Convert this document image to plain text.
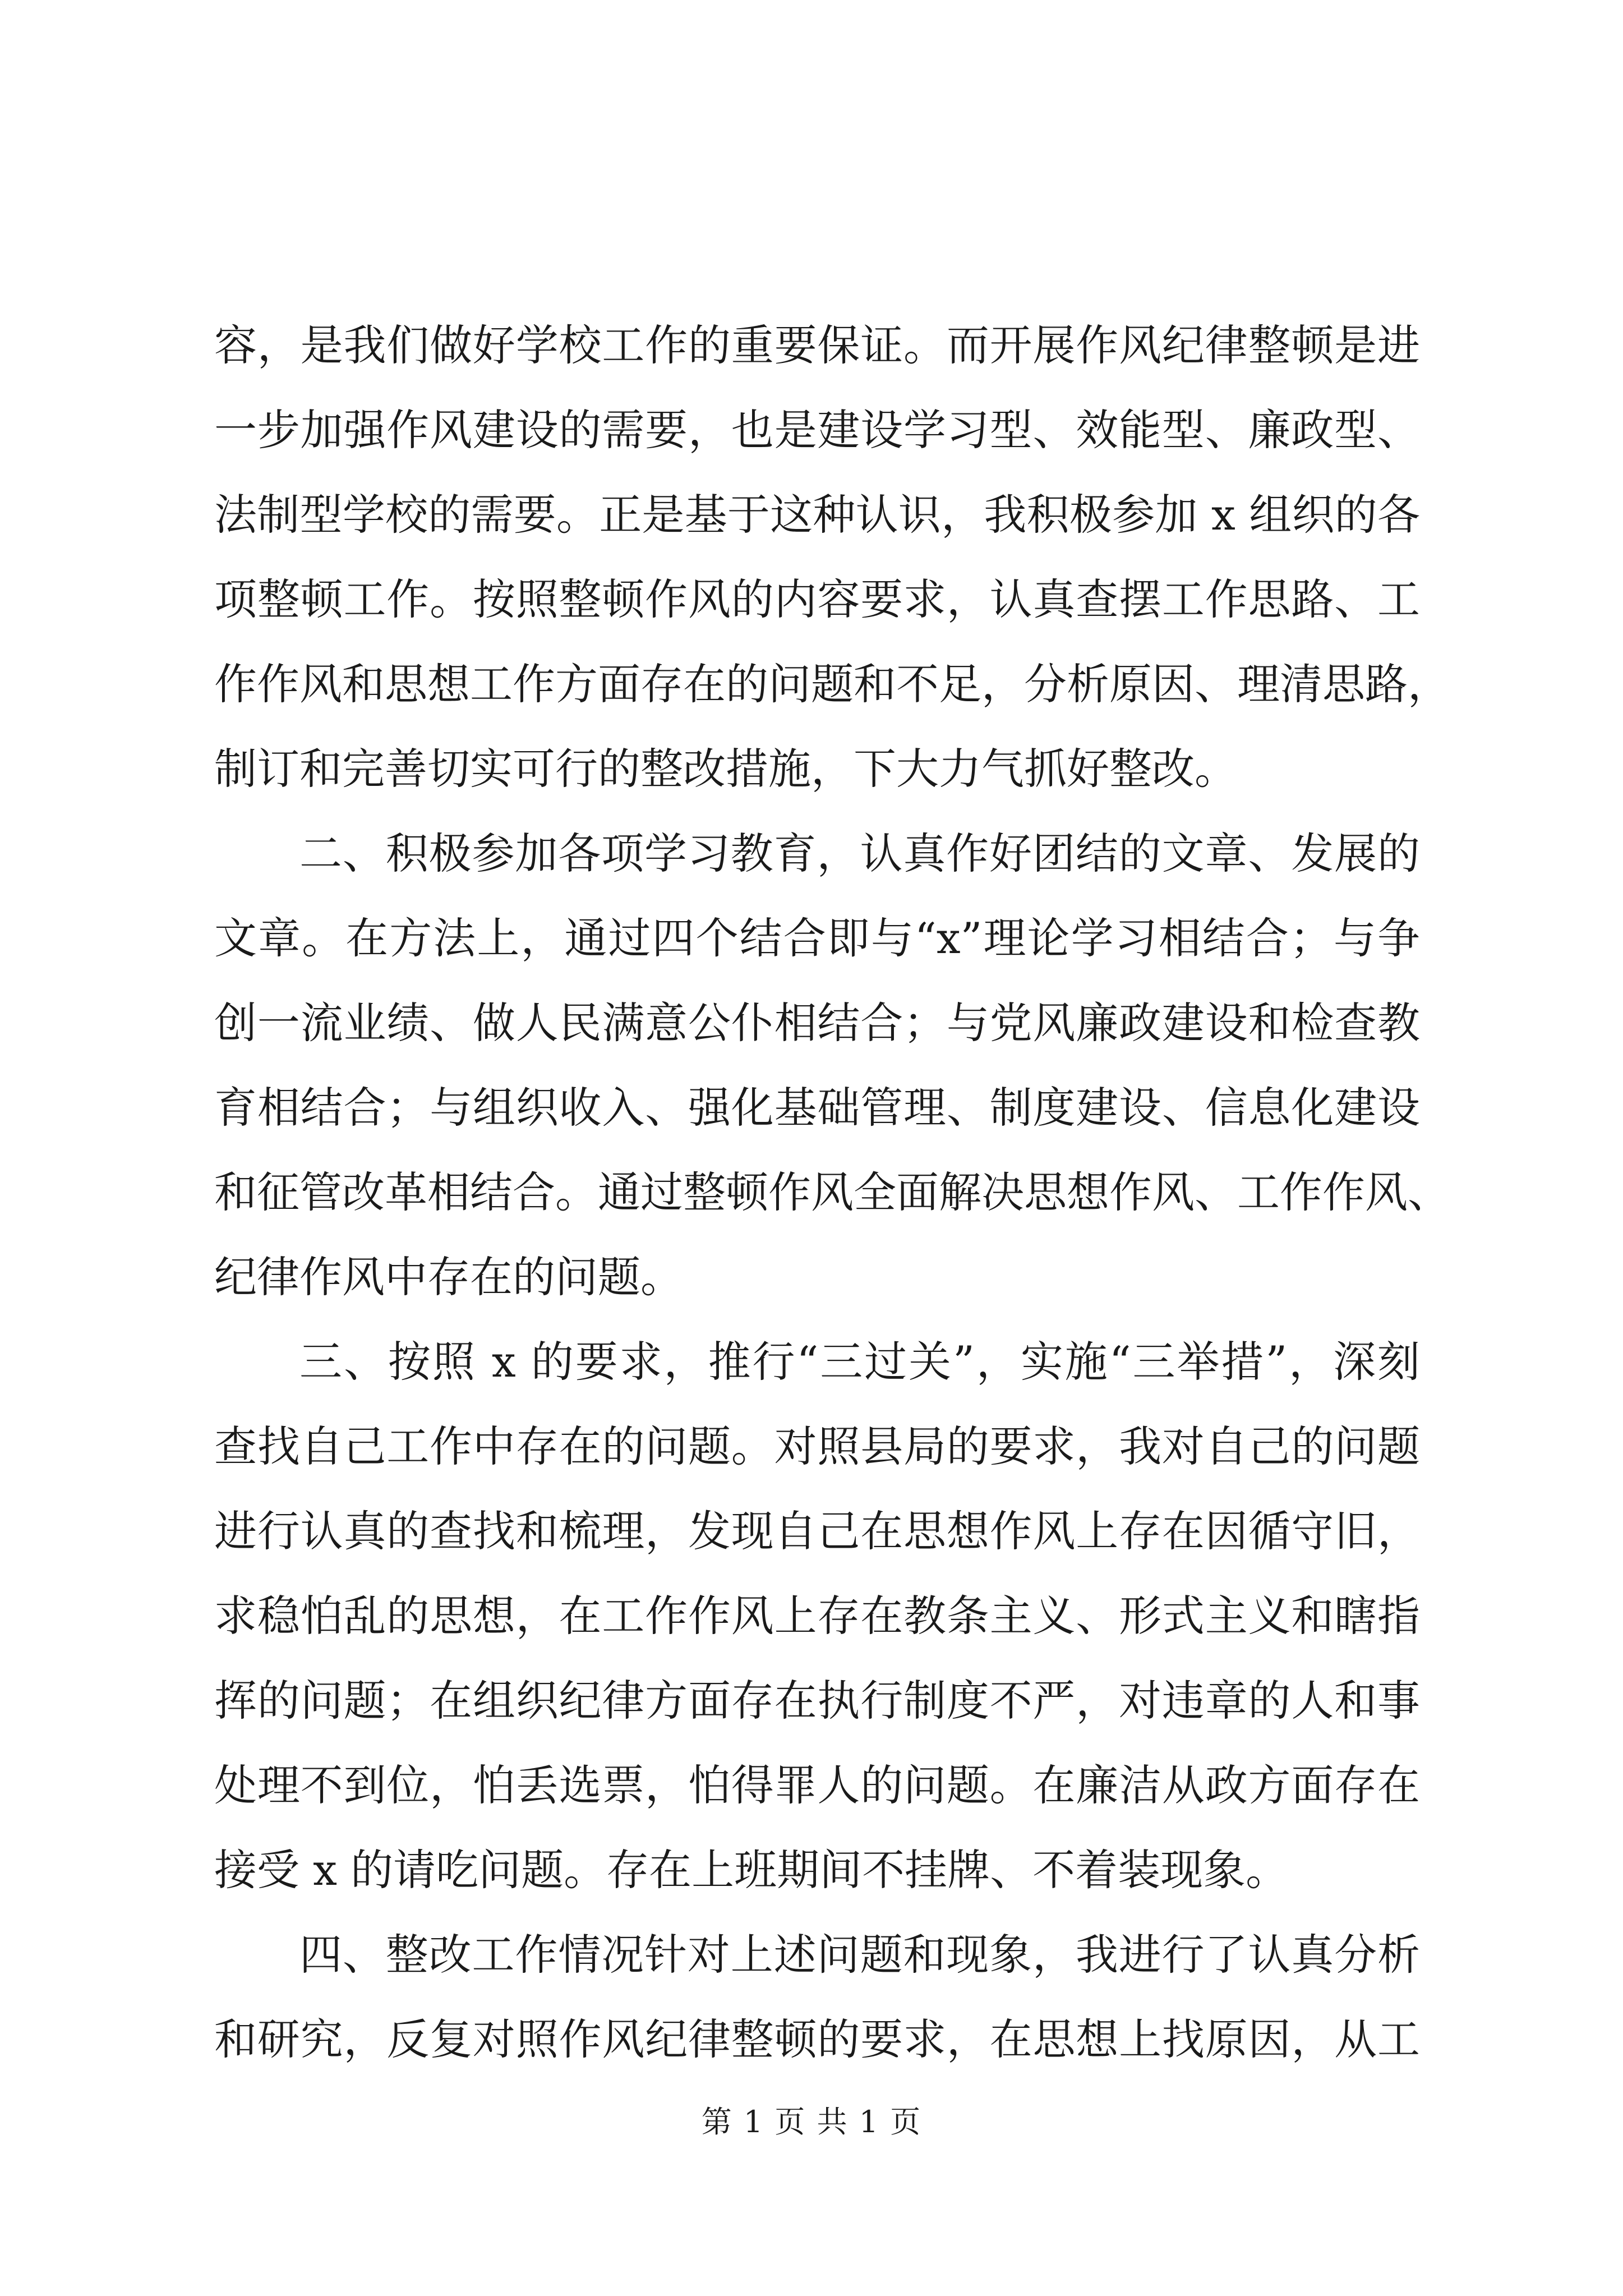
容，是我们做好学校工作的重要保证。而开展作风纪律整顿是进
一步加强作风建设的需要，也是建设学习型、效能型、廉政型、
法制型学校的需要。正是基于这种认识，我积极参加 x 组织的各
项整顿工作。按照整顿作风的内容要求，认真查摆工作思路、工
作作风和思想工作方面存在的问题和不足，分析原因、理清思路，
制订和完善切实可行的整改措施，下大力气抓好整改。
二、积极参加各项学习教育，认真作好团结的文章、发展的
文章。在方法上，通过四个结合即与“x”理论学习相结合；与争
创一流业绩、做人民满意公仆相结合；与党风廉政建设和检查教
育相结合；与组织收入、强化基础管理、制度建设、信息化建设
和征管改革相结合。通过整顿作风全面解决思想作风、工作作风、
纪律作风中存在的问题。
三、按照 x 的要求，推行“三过关”，实施“三举措”，深刻
查找自己工作中存在的问题。对照县局的要求，我对自己的问题
进行认真的查找和梳理，发现自己在思想作风上存在因循守旧，
求稳怕乱的思想，在工作作风上存在教条主义、形式主义和瞎指
挥的问题；在组织纪律方面存在执行制度不严，对违章的人和事
处理不到位，怕丢选票，怕得罪人的问题。在廉洁从政方面存在
接受 x 的请吃问题。存在上班期间不挂牌、不着装现象。
四、整改工作情况针对上述问题和现象，我进行了认真分析
和研究，反复对照作风纪律整顿的要求，在思想上找原因，从工
第 1 页 共 1 页
